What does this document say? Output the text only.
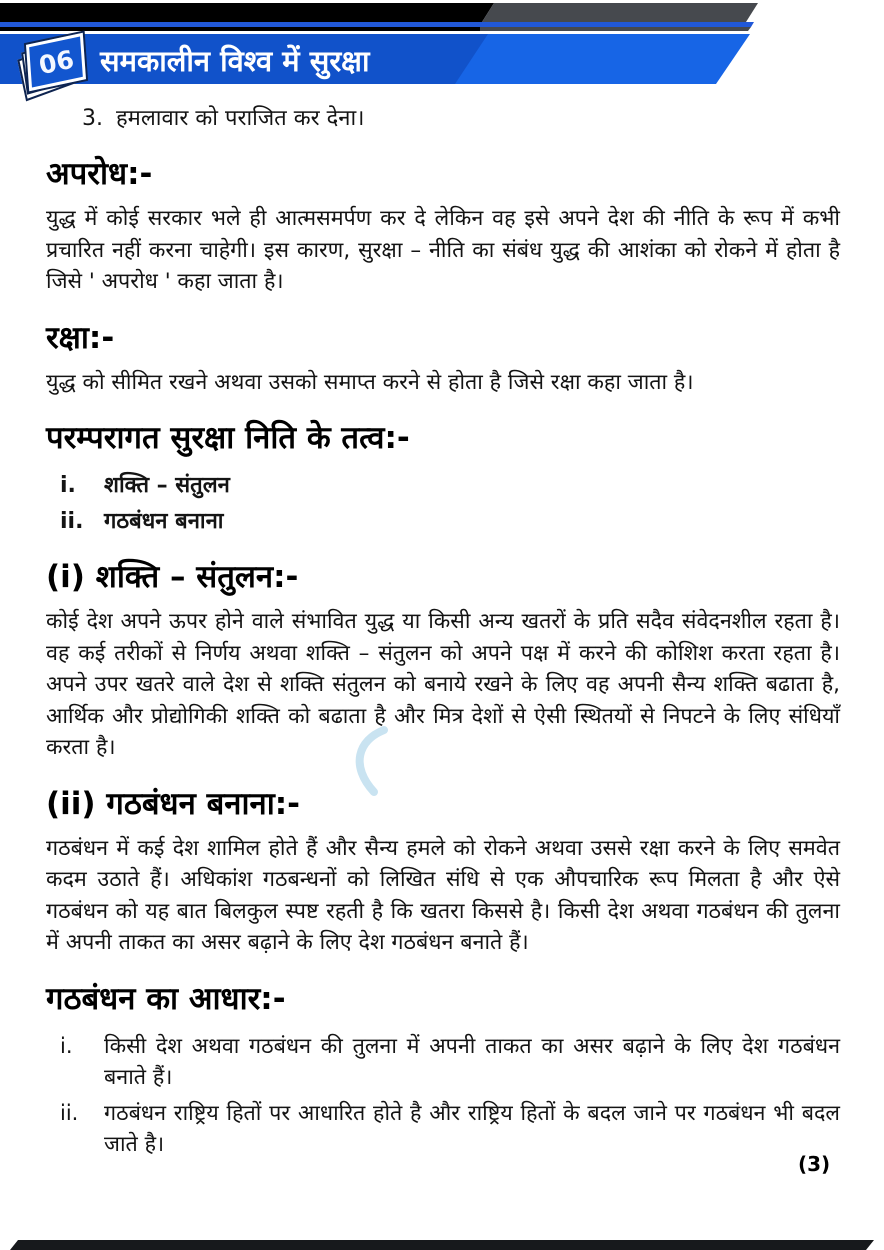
06 समकालीन विश्व में सुरक्षा
3. हमलावार को पराजित कर देना।
अपरोध:-

युद्ध में कोई सरकार भले ही आत्मसमर्पण कर दे लेकिन वह इसे अपने देश की नीति के रूप में कभी प्रचारित नहीं करना चाहेगी। इस कारण, सुरक्षा – नीति का संबंध युद्ध की आशंका को रोकने में होता है जिसे ' अपरोध ' कहा जाता है।

रक्षा:-

युद्ध को सीमित रखने अथवा उसको समाप्त करने से होता है जिसे रक्षा कहा जाता है।

परम्परागत सुरक्षा निति के तत्व:-
i.	शक्ति – संतुलन
ii. गठबंधन बनाना
(i) शक्ति – संतुलन:-

कोई देश अपने ऊपर होने वाले संभावित युद्ध या किसी अन्य खतरों के प्रति सदैव संवेदनशील रहता है। वह कई तरीकों से निर्णय अथवा शक्ति – संतुलन को अपने पक्ष में करने की कोशिश करता रहता है। अपने उपर खतरे वाले देश से शक्ति संतुलन को बनाये रखने के लिए वह अपनी सैन्य शक्ति बढाता है, आर्थिक और प्रोद्योगिकी शक्ति को बढाता है और मित्र देशों से ऐसी स्थितयों से निपटने के लिए संधियाँ करता है।

(ii) गठबंधन बनाना:-

गठबंधन में कई देश शामिल होते हैं और सैन्य हमले को रोकने अथवा उससे रक्षा करने के लिए समवेत कदम उठाते हैं। अधिकांश गठबन्धनों को लिखित संधि से एक औपचारिक रूप मिलता है और ऐसे गठबंधन को यह बात बिलकुल स्पष्ट रहती है कि खतरा किससे है। किसी देश अथवा गठबंधन की तुलना में अपनी ताकत का असर बढ़ाने के लिए देश गठबंधन बनाते हैं।

गठबंधन का आधार:-
i.	किसी देश अथवा गठबंधन की तुलना में अपनी ताकत का असर बढ़ाने के लिए देश गठबंधन बनाते हैं।
ii.	गठबंधन राष्ट्रिय हितों पर आधारित होते है और राष्ट्रिय हितों के बदल जाने पर गठबंधन भी बदल जाते है।
(3)
